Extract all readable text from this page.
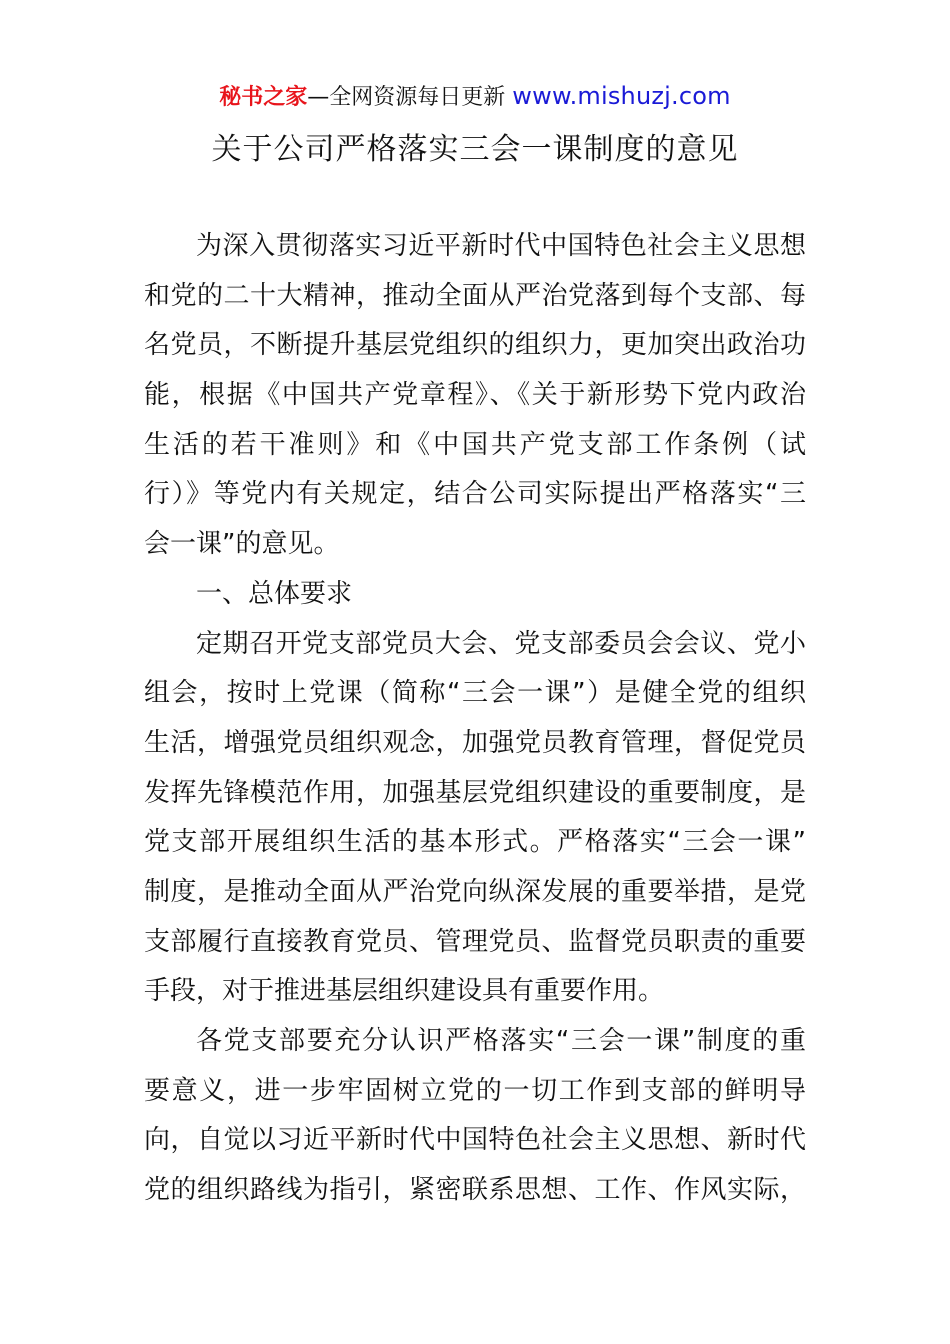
秘书之家—全网资源每日更新 www.mishuzj.com
关于公司严格落实三会一课制度的意见
为深入贯彻落实习近平新时代中国特色社会主义思想
和党的二十大精神，推动全面从严治党落到每个支部、每
名党员，不断提升基层党组织的组织力，更加突出政治功
能，根据《中国共产党章程》、《关于新形势下党内政治
生活的若干准则》和《中国共产党支部工作条例（试
行）》等党内有关规定，结合公司实际提出严格落实“三
会一课”的意见。
一、总体要求
定期召开党支部党员大会、党支部委员会会议、党小
组会，按时上党课（简称“三会一课”）是健全党的组织
生活，增强党员组织观念，加强党员教育管理，督促党员
发挥先锋模范作用，加强基层党组织建设的重要制度，是
党支部开展组织生活的基本形式。严格落实“三会一课”
制度，是推动全面从严治党向纵深发展的重要举措，是党
支部履行直接教育党员、管理党员、监督党员职责的重要
手段，对于推进基层组织建设具有重要作用。
各党支部要充分认识严格落实“三会一课”制度的重
要意义，进一步牢固树立党的一切工作到支部的鲜明导
向，自觉以习近平新时代中国特色社会主义思想、新时代
党的组织路线为指引，紧密联系思想、工作、作风实际，
